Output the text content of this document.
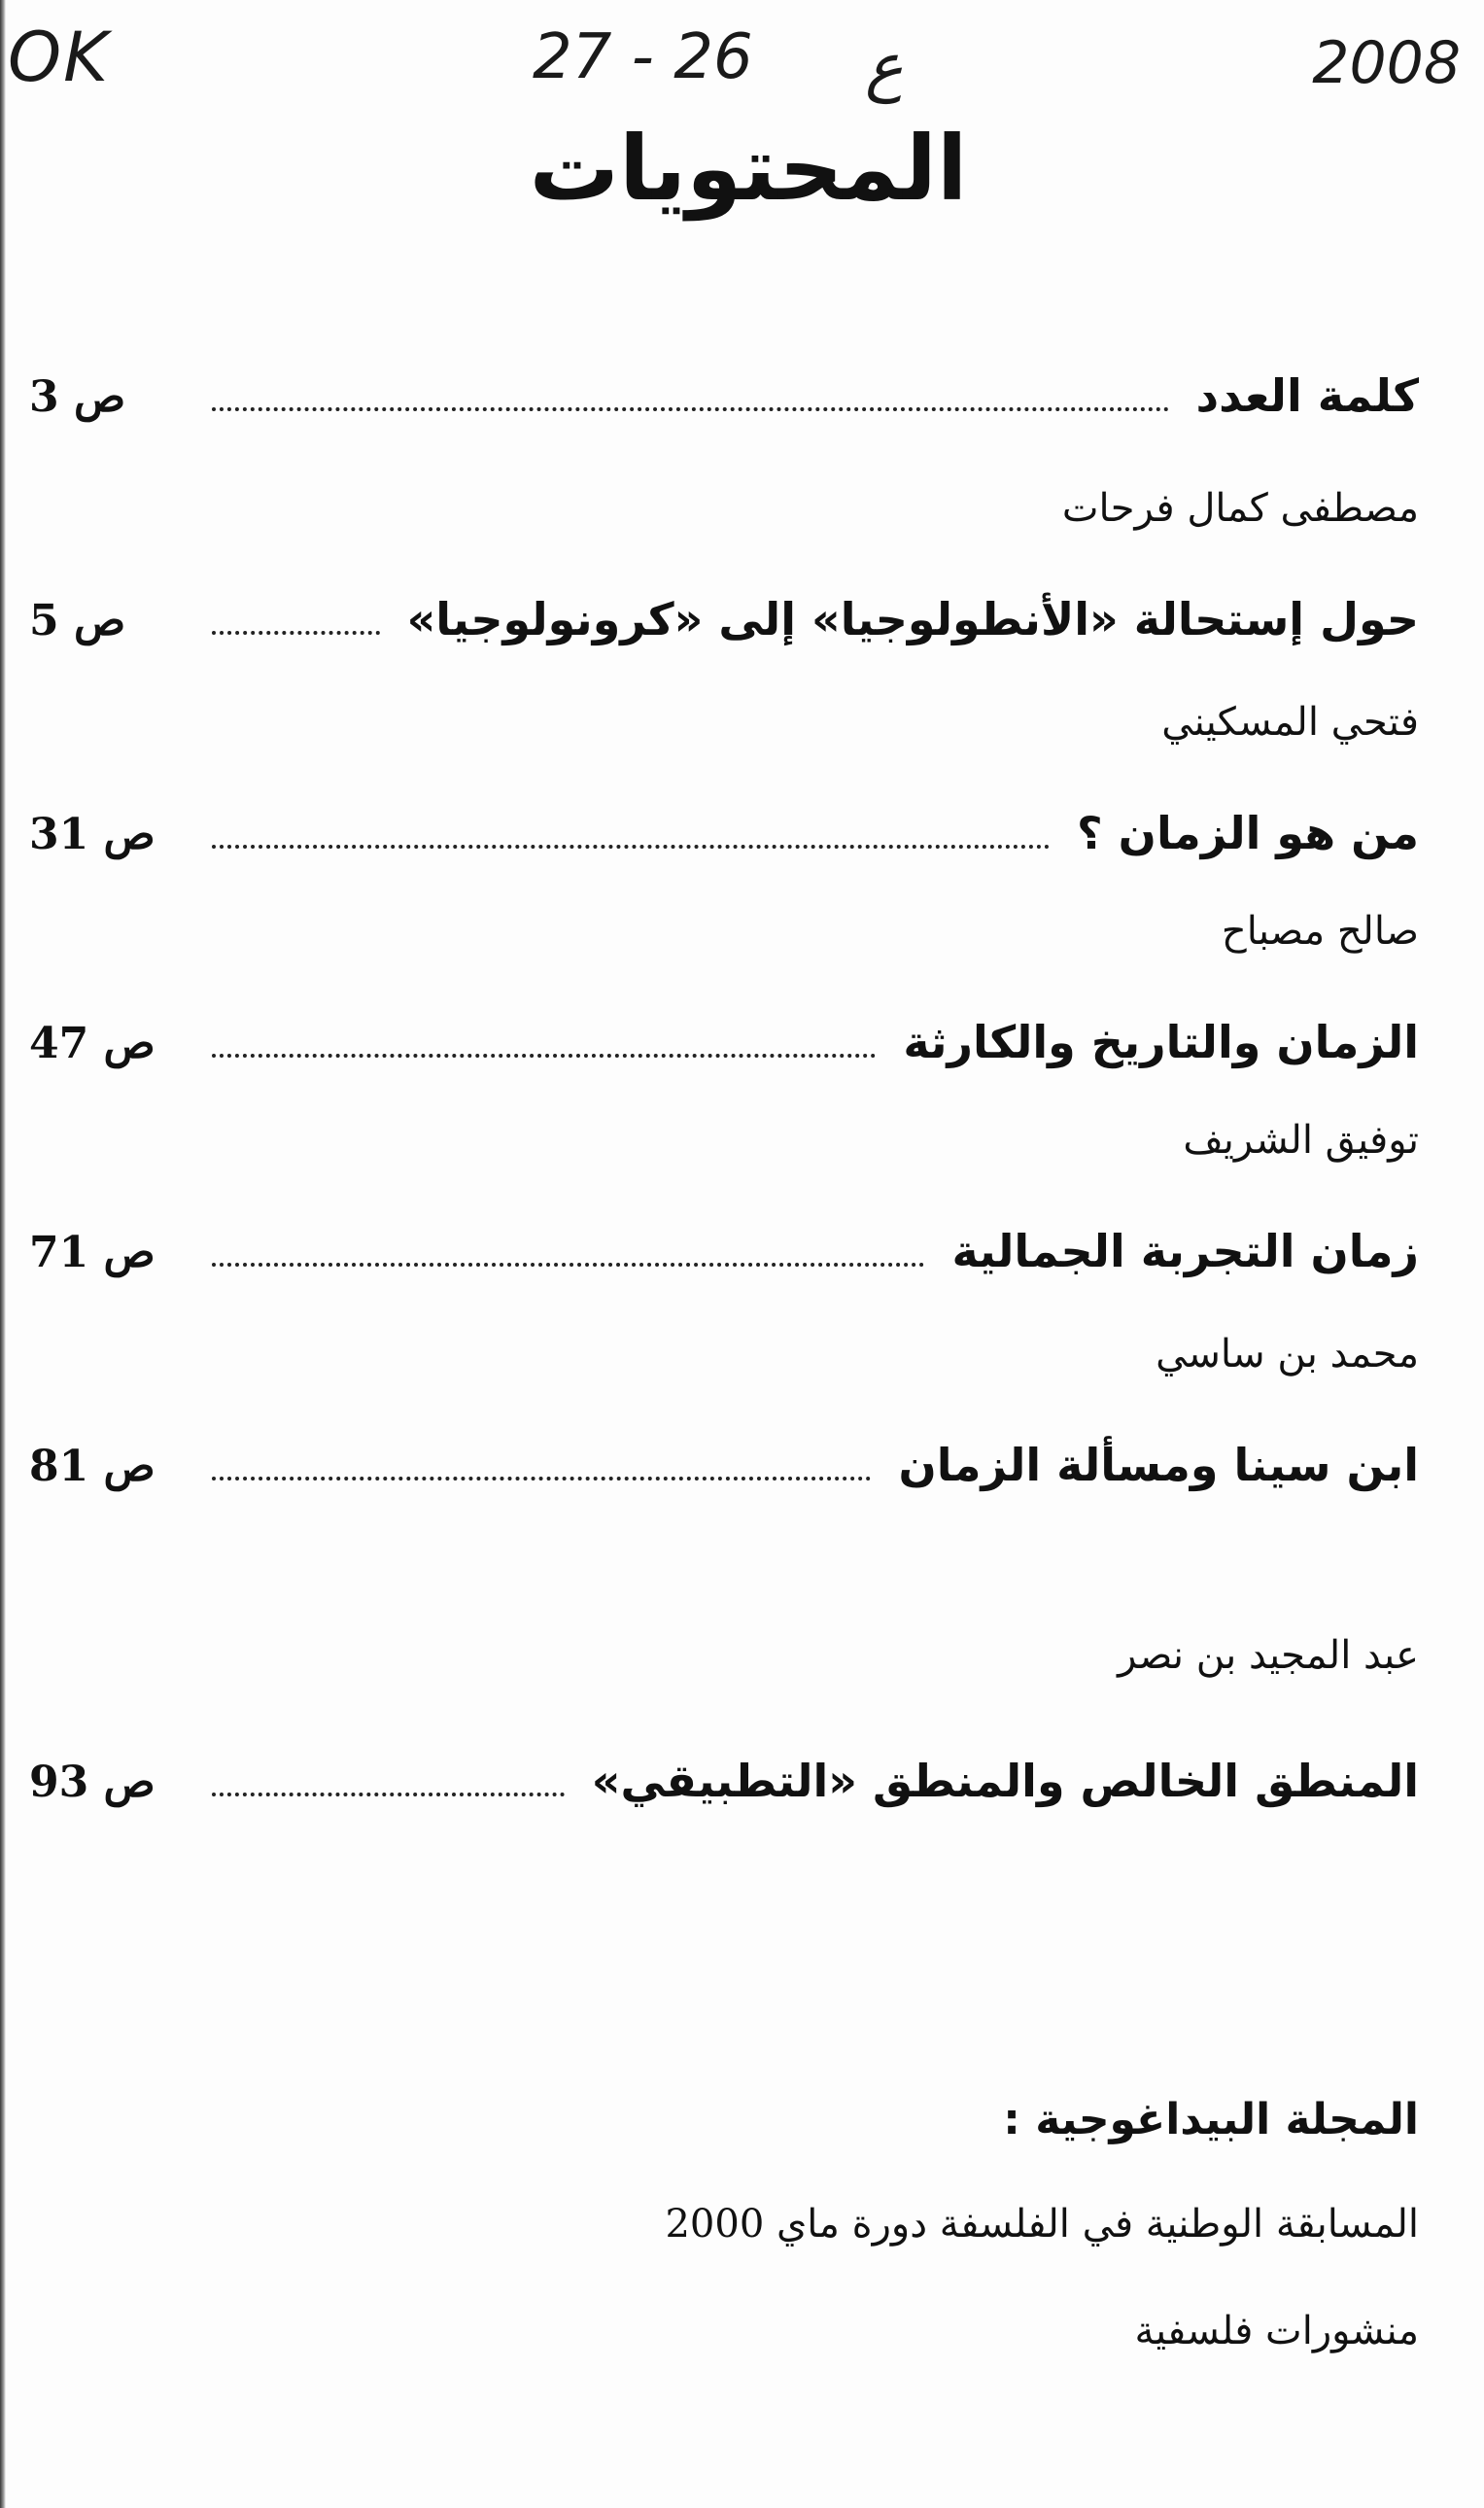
OK	27 - 26 ع	2008
المحتويات
كلمة العدد
ص 3
مصطفى كمال فرحات
حول إستحالة «الأنطولوجيا» إلى «كرونولوجيا»
ص 5
فتحي المسكيني
من هو الزمان ؟
ص 31
صالح مصباح
الزمان والتاريخ والكارثة
ص 47
توفيق الشريف
زمان التجربة الجمالية
ص 71
محمد بن ساسي
ابن سينا ومسألة الزمان
ص 81
عبد المجيد بن نصر
المنطق الخالص والمنطق «التطبيقي»
ص 93
المجلة البيداغوجية :
المسابقة الوطنية في الفلسفة دورة ماي 2000
منشورات فلسفية
